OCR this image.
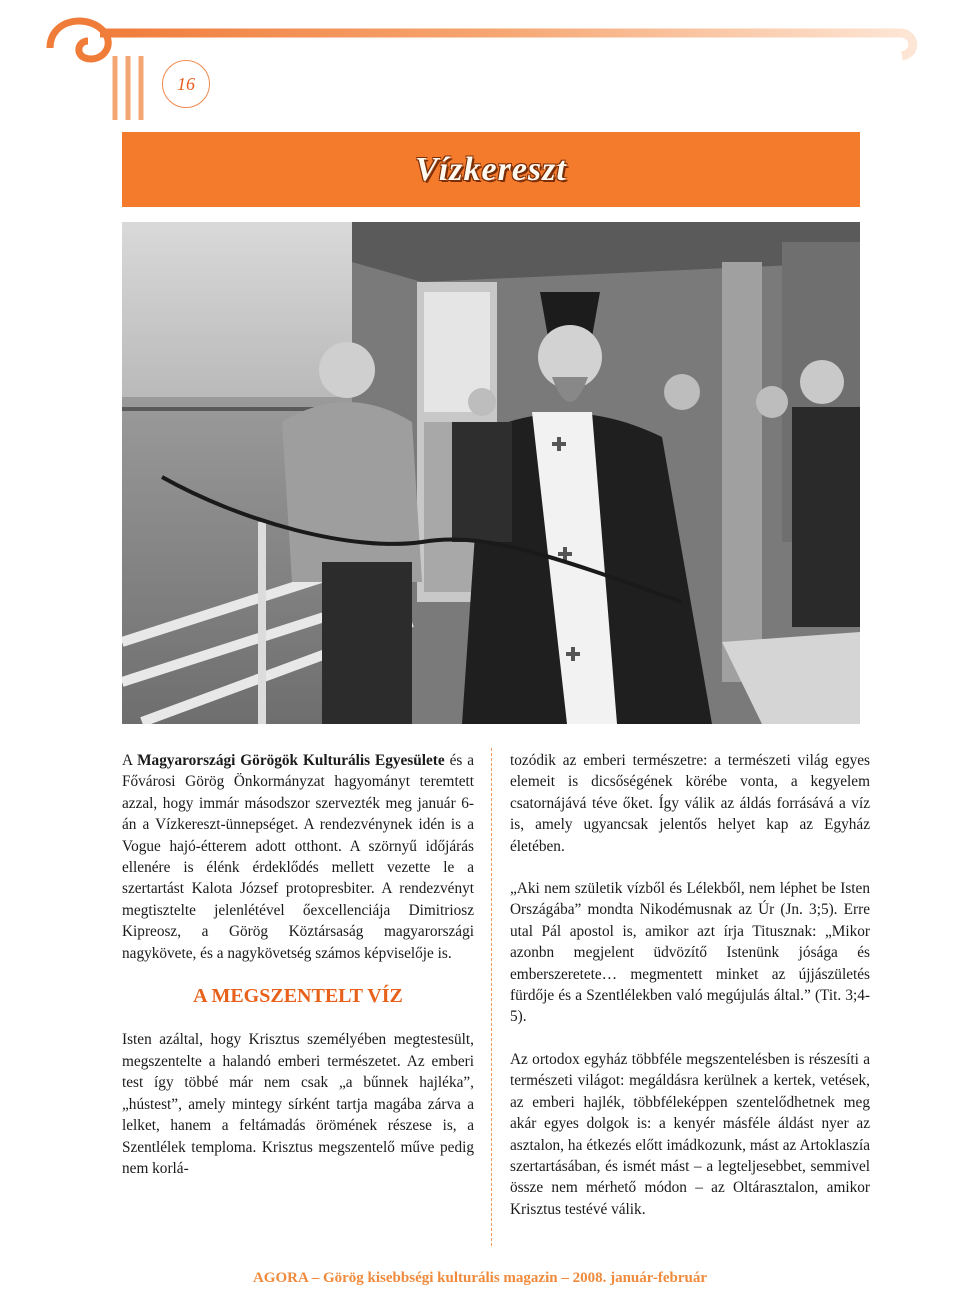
16
Vízkereszt

A Magyarországi Görögök Kulturális Egyesülete és a Fővárosi Görög Önkormányzat hagyományt teremtett azzal, hogy immár másodszor szervezték meg január 6-án a Vízkereszt-ünnepséget. A rendezvénynek idén is a Vogue hajó-étterem adott otthont. A szörnyű időjárás ellenére is élénk érdeklődés mellett vezette le a szertartást Kalota József protopresbiter. A rendezvényt megtisztelte jelenlétével őexcellenciája Dimitriosz Kipreosz, a Görög Köztársaság magyarországi nagykövete, és a nagykövetség számos képviselője is.

A MEGSZENTELT VÍZ

Isten azáltal, hogy Krisztus személyében megtestesült, megszentelte a halandó emberi természetet. Az emberi test így többé már nem csak „a bűnnek hajléka”, „hústest”, amely mintegy sírként tartja magába zárva a lelket, hanem a feltámadás örömének részese is, a Szentlélek temploma. Krisztus megszentelő műve pedig nem korlá-

tozódik az emberi természetre: a természeti világ egyes elemeit is dicsőségének körébe vonta, a kegyelem csatornájává téve őket. Így válik az áldás forrásává a víz is, amely ugyancsak jelentős helyet kap az Egyház életében.

„Aki nem születik vízből és Lélekből, nem léphet be Isten Országába” mondta Nikodémusnak az Úr (Jn. 3;5). Erre utal Pál apostol is, amikor azt írja Titusznak: „Mikor azonbn megjelent üdvözítő Istenünk jósága és emberszeretete… megmentett minket az újjászületés fürdője és a Szentlélekben való megújulás által.” (Tit. 3;4-5).

Az ortodox egyház többféle megszentelésben is részesíti a természeti világot: megáldásra kerülnek a kertek, vetések, az emberi hajlék, többféleképpen szentelődhetnek meg akár egyes dolgok is: a kenyér másféle áldást nyer az asztalon, ha étkezés előtt imádkozunk, mást az Artoklaszía szertartásában, és ismét mást – a legteljesebbet, semmivel össze nem mérhető módon – az Oltárasztalon, amikor Krisztus testévé válik.

AGORA – Görög kisebbségi kulturális magazin – 2008. január-február
